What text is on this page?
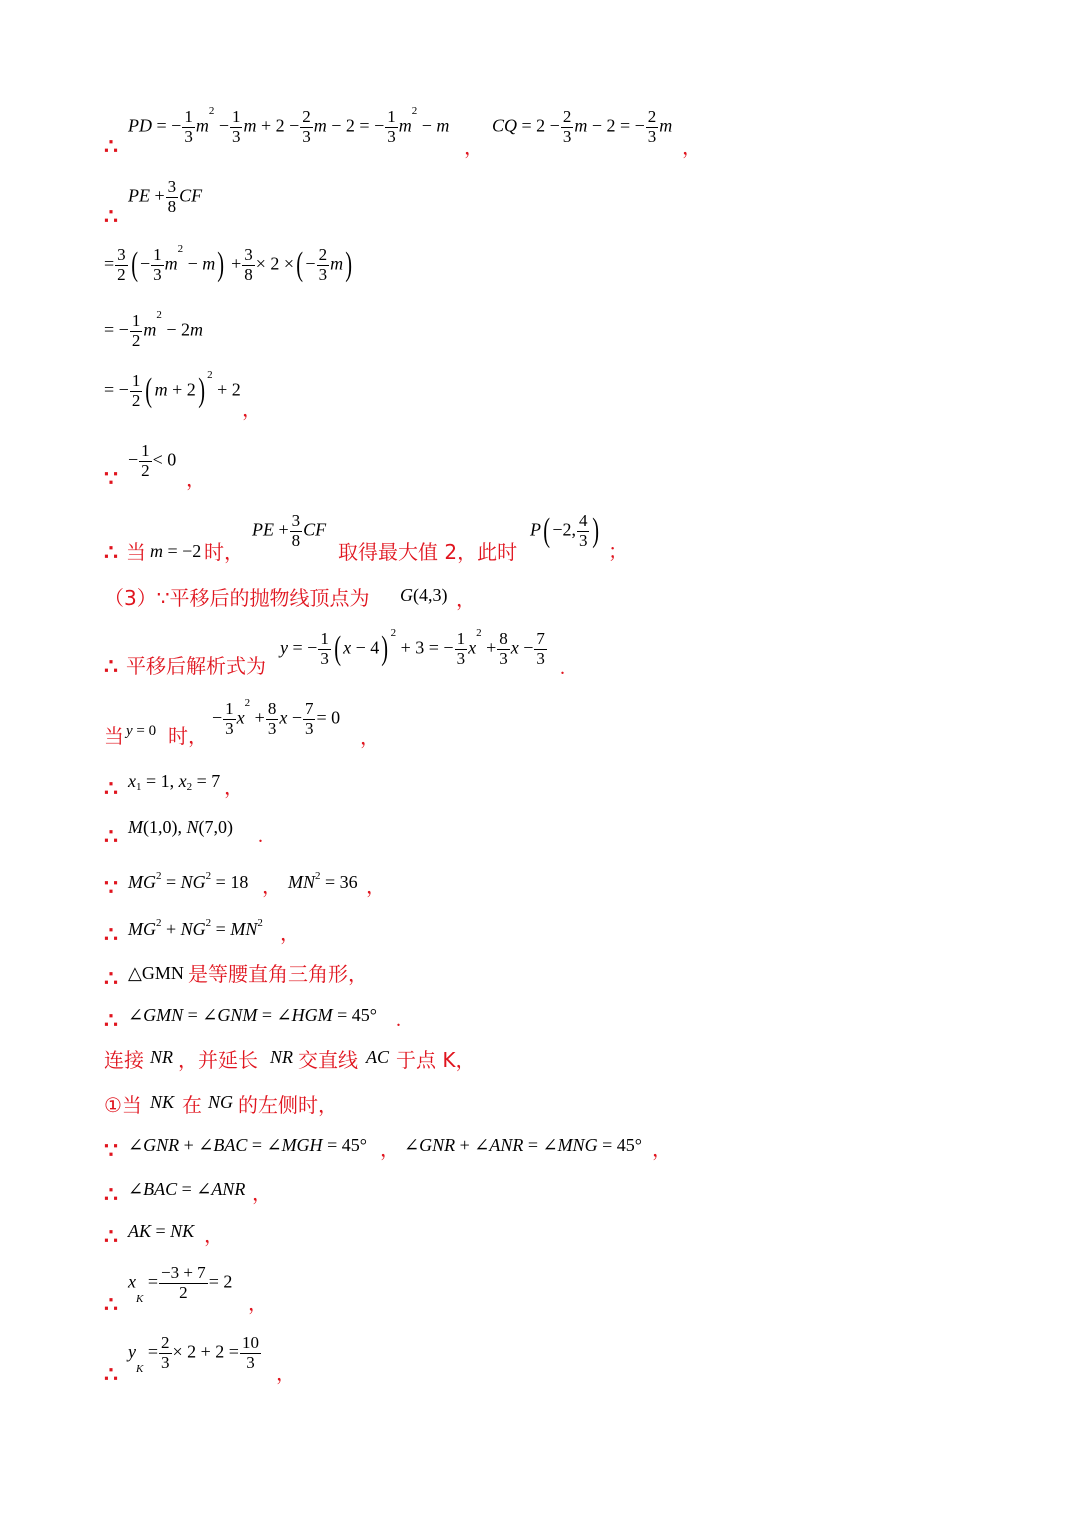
∴
PD = − $\frac{1}{3} m^2 - \frac{1}{3}$ $m + 2 - \frac{2}{3}$ m − 2 = − $\frac{1}{3} m^2 - m$
，
CQ = $2 - \frac{2}{3}$ m − 2 = − $\frac{2}{3}$ m
，
∴
PE + $\frac{3}{8}$ CF
= $\frac{3}{2}$ ( − $\frac{1}{3} m^2 - m) + \frac{3}{8} \times 2$ ×( − $\frac{2}{3} m$)
= − $\frac{1}{2} m^2 - 2m$
= − $\frac{1}{2}$ ( m + 2) $^2$ + 2
，
∵
− $\frac{1}{2} < 0$
，
∴ 当 m = −2 时，
PE + $\frac{3}{8}$ CF
取得最大值 2，此时
P( −2, $\frac{4}{3}$ )
；
（3）∵平移后的抛物线顶点为 G(4,3) ，
∴ 平移后解析式为
y = − $\frac{1}{3}$ ( x − 4) $^2$ + 3 = − $\frac{1}{3} x^2 + \frac{8}{3}$ $x - \frac{7}{3}$ .
当 y = 0 时，
− $\frac{1}{3} x^2 + \frac{8}{3}$ $x - \frac{7}{3} = 0$
，
∴ x1 = 1, x2 = 7 ，
∴ M(1,0), N(7,0) .
∵ $MG^2 = NG^2 = 18$ ， $MN^2 = 36$ ，
∴ $MG^2 + NG^2 = MN^2$ ，
∴ △GMN 是等腰直角三角形，
∴ ∠GMN = ∠GNM = ∠HGM = 45° .
连接 NR ，并延长 NR 交直线 AC 于点 K，
①当 NK 在 NG 的左侧时，
∵ ∠GNR + ∠BAC = ∠MGH = 45° ， ∠GNR + ∠ANR = ∠MNG = 45° ，
∴ ∠BAC = ∠ANR ，
∴ AK = NK ，
∴
xK = $\frac{-3 + 7}{2} = 2$
，
∴
yK = $\frac{2}{3} \times 2 + 2 = \frac{10}{3}$
，
